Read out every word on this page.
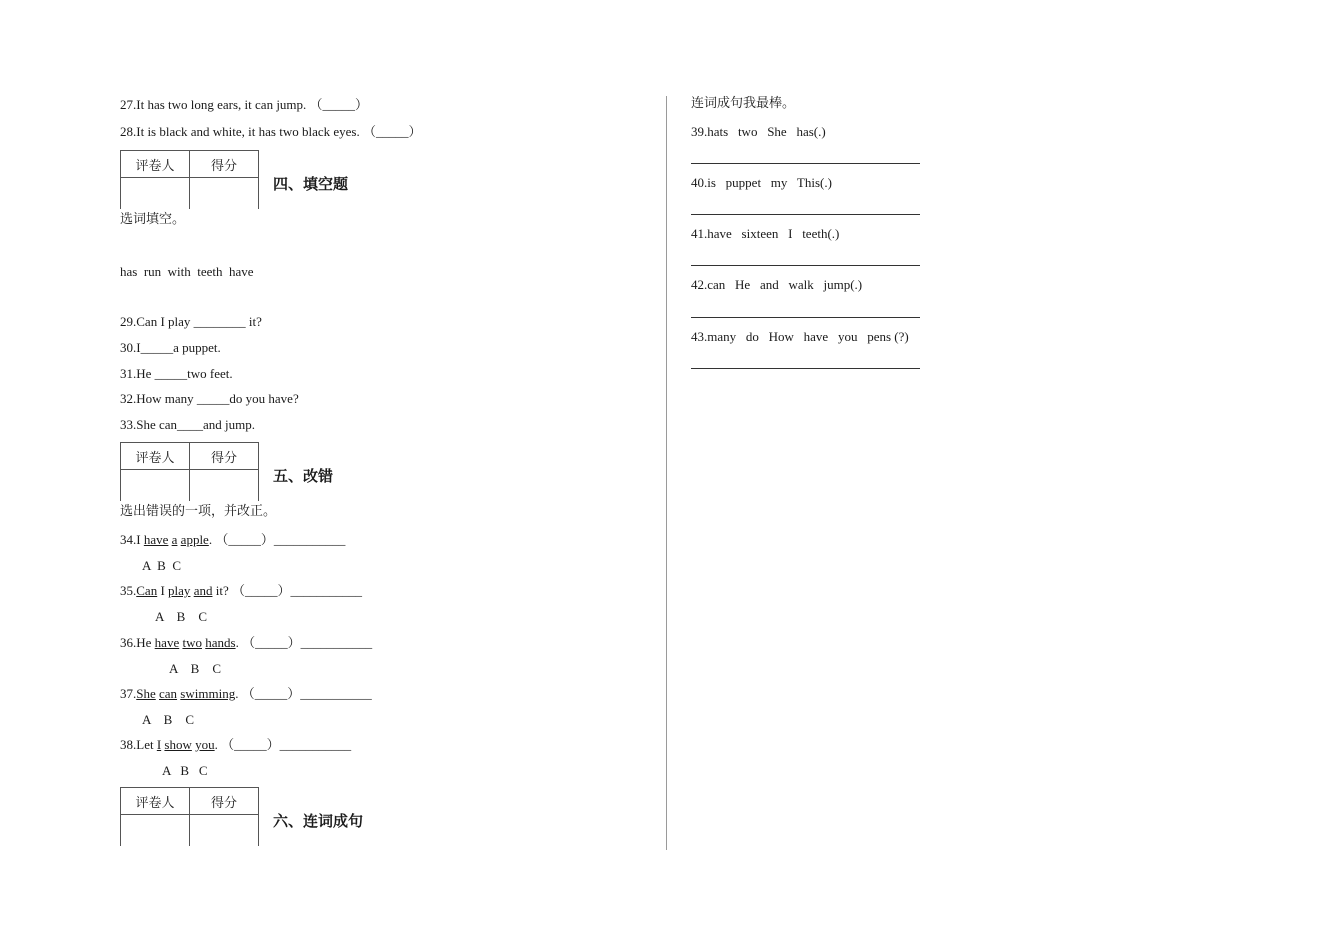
27.It has two long ears, it can jump. （_____）
28.It is black and white, it has two black eyes. （_____）
评卷人	得分

四、填空题
选词填空。
has  run  with  teeth  have
29.Can I play ________ it?
30.I_____a puppet.
31.He _____two feet.
32.How many _____do you have?
33.She can____and jump.
评卷人	得分

五、改错
选出错误的一项，并改正。
34.I have a apple. （_____）___________
A  B  C
35.Can I play and it? （_____）___________
A    B    C
36.He have two hands. （_____）___________
A    B    C
37.She can swimming. （_____）___________
A    B    C
38.Let I show you. （_____）___________
A   B   C
评卷人	得分

六、连词成句
连词成句我最棒。
39.hats   two   She   has(.)
40.is   puppet   my   This(.)
41.have   sixteen   I   teeth(.)
42.can   He   and   walk   jump(.)
43.many   do   How   have   you   pens (?)
